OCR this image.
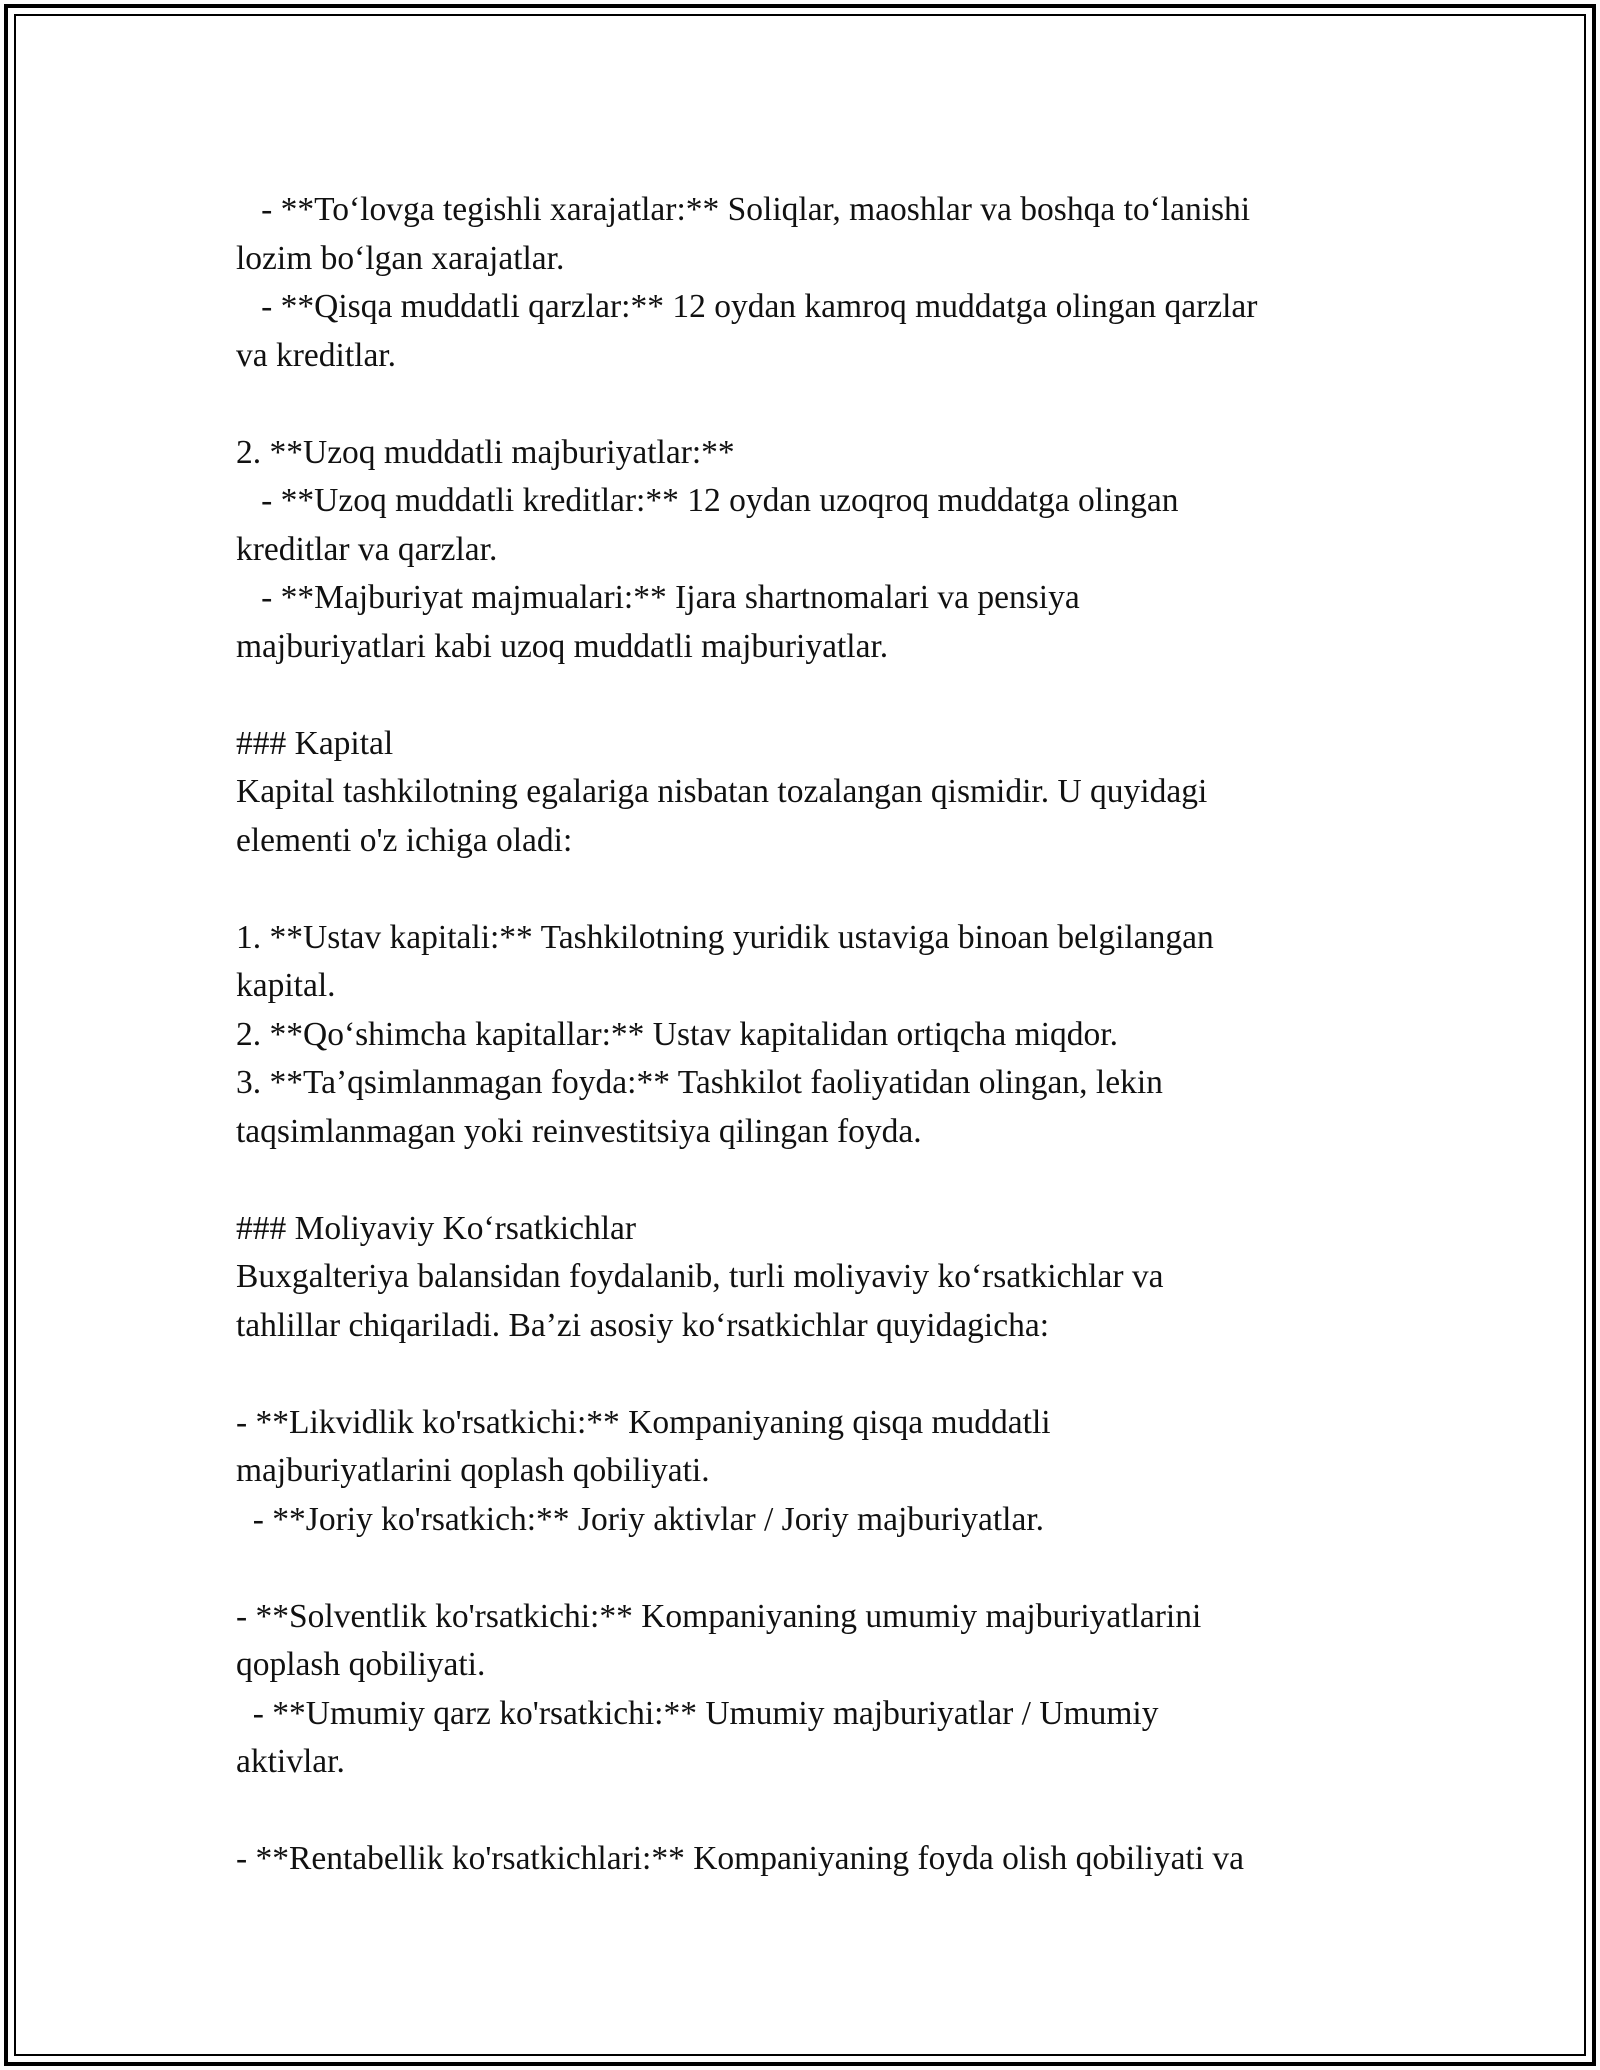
- **To‘lovga tegishli xarajatlar:** Soliqlar, maoshlar va boshqa to‘lanishi
lozim bo‘lgan xarajatlar.
- **Qisqa muddatli qarzlar:** 12 oydan kamroq muddatga olingan qarzlar
va kreditlar.
2. **Uzoq muddatli majburiyatlar:**
- **Uzoq muddatli kreditlar:** 12 oydan uzoqroq muddatga olingan
kreditlar va qarzlar.
- **Majburiyat majmualari:** Ijara shartnomalari va pensiya
majburiyatlari kabi uzoq muddatli majburiyatlar.
### Kapital
Kapital tashkilotning egalariga nisbatan tozalangan qismidir. U quyidagi
elementi o'z ichiga oladi:
1. **Ustav kapitali:** Tashkilotning yuridik ustaviga binoan belgilangan
kapital.
2. **Qo‘shimcha kapitallar:** Ustav kapitalidan ortiqcha miqdor.
3. **Ta’qsimlanmagan foyda:** Tashkilot faoliyatidan olingan, lekin
taqsimlanmagan yoki reinvestitsiya qilingan foyda.
### Moliyaviy Ko‘rsatkichlar
Buxgalteriya balansidan foydalanib, turli moliyaviy ko‘rsatkichlar va
tahlillar chiqariladi. Ba’zi asosiy ko‘rsatkichlar quyidagicha:
- **Likvidlik ko'rsatkichi:** Kompaniyaning qisqa muddatli
majburiyatlarini qoplash qobiliyati.
- **Joriy ko'rsatkich:** Joriy aktivlar / Joriy majburiyatlar.
- **Solventlik ko'rsatkichi:** Kompaniyaning umumiy majburiyatlarini
qoplash qobiliyati.
- **Umumiy qarz ko'rsatkichi:** Umumiy majburiyatlar / Umumiy
aktivlar.
- **Rentabellik ko'rsatkichlari:** Kompaniyaning foyda olish qobiliyati va
